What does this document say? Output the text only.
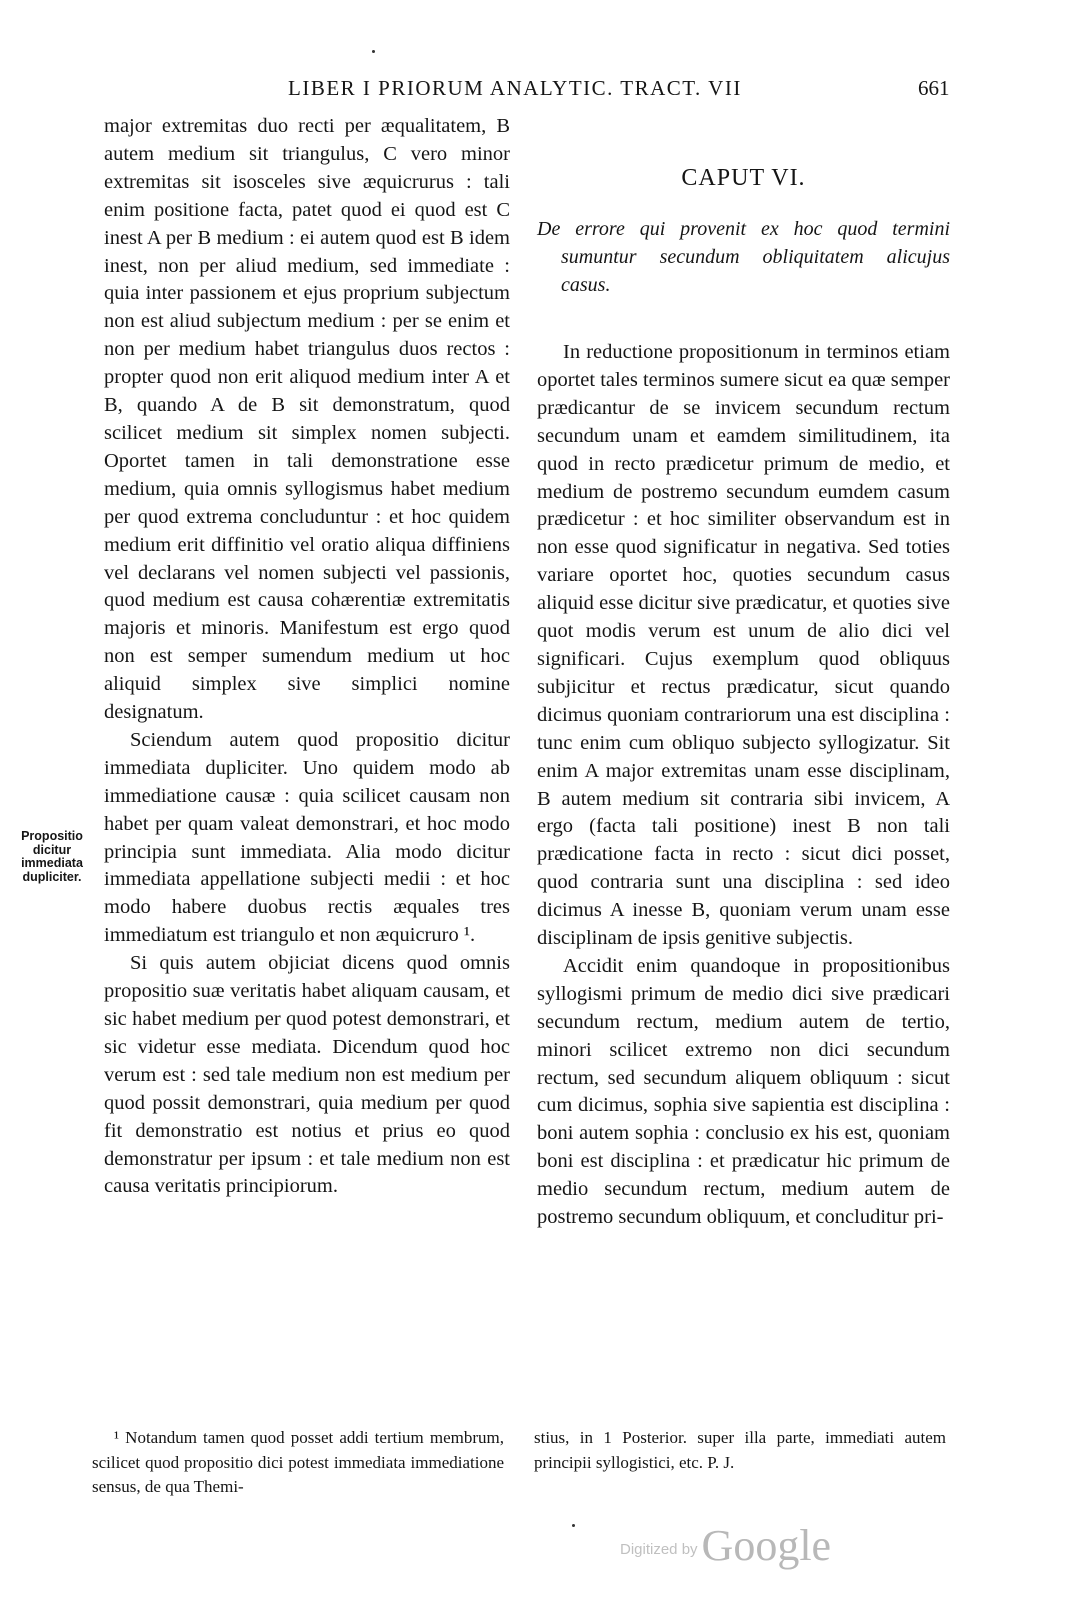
LIBER I PRIORUM ANALYTIC. TRACT. VII	661

major extremitas duo recti per æqualitatem, B autem medium sit triangulus, C vero minor extremitas sit isosceles sive æquicrurus : tali enim positione facta, patet quod ei quod est C inest A per B medium : ei autem quod est B idem inest, non per aliud medium, sed immediate : quia inter passionem et ejus proprium subjectum non est aliud subjectum medium : per se enim et non per medium habet triangulus duos rectos : propter quod non erit aliquod medium inter A et B, quando A de B sit demonstratum, quod scilicet medium sit simplex nomen subjecti. Oportet tamen in tali demonstratione esse medium, quia omnis syllogismus habet medium per quod extrema concluduntur : et hoc quidem medium erit diffinitio vel oratio aliqua diffiniens vel declarans vel nomen subjecti vel passionis, quod medium est causa cohærentiæ extremitatis majoris et minoris. Manifestum est ergo quod non est semper sumendum medium ut hoc aliquid simplex sive simplici nomine designatum.

Sciendum autem quod propositio dicitur immediata dupliciter. Uno quidem modo ab immediatione causæ : quia scilicet causam non habet per quam valeat demonstrari, et hoc modo principia sunt immediata. Alia modo dicitur immediata appellatione subjecti medii : et hoc modo habere duobus rectis æquales tres immediatum est triangulo et non æquicruro ¹.

Si quis autem objiciat dicens quod omnis propositio suæ veritatis habet aliquam causam, et sic habet medium per quod potest demonstrari, et sic videtur esse mediata. Dicendum quod hoc verum est : sed tale medium non est medium per quod possit demonstrari, quia medium per quod fit demonstratio est notius et prius eo quod demonstratur per ipsum : et tale medium non est causa veritatis principiorum.

Propositio dicitur immediata dupliciter.
CAPUT VI.
De errore qui provenit ex hoc quod termini sumuntur secundum obliquitatem alicujus casus.

In reductione propositionum in terminos etiam oportet tales terminos sumere sicut ea quæ semper prædicantur de se invicem secundum rectum secundum unam et eamdem similitudinem, ita quod in recto prædicetur primum de medio, et medium de postremo secundum eumdem casum prædicetur : et hoc similiter observandum est in non esse quod significatur in negativa. Sed toties variare oportet hoc, quoties secundum casus aliquid esse dicitur sive prædicatur, et quoties sive quot modis verum est unum de alio dici vel significari. Cujus exemplum quod obliquus subjicitur et rectus prædicatur, sicut quando dicimus quoniam contrariorum una est disciplina : tunc enim cum obliquo subjecto syllogizatur. Sit enim A major extremitas unam esse disciplinam, B autem medium sit contraria sibi invicem, A ergo (facta tali positione) inest B non tali prædicatione facta in recto : sicut dici posset, quod contraria sunt una disciplina : sed ideo dicimus A inesse B, quoniam verum unam esse disciplinam de ipsis genitive subjectis.

Accidit enim quandoque in propositionibus syllogismi primum de medio dici sive prædicari secundum rectum, medium autem de tertio, minori scilicet extremo non dici secundum rectum, sed secundum aliquem obliquum : sicut cum dicimus, sophia sive sapientia est disciplina : boni autem sophia : conclusio ex his est, quoniam boni est disciplina : et prædicatur hic primum de medio secundum rectum, medium autem de postremo secundum obliquum, et concluditur pri-

¹ Notandum tamen quod posset addi tertium membrum, scilicet quod propositio dici potest immediata immediatione sensus, de qua Themi-

stius, in 1 Posterior. super illa parte, immediati autem principii syllogistici, etc. P. J.

Digitized byGoogle
